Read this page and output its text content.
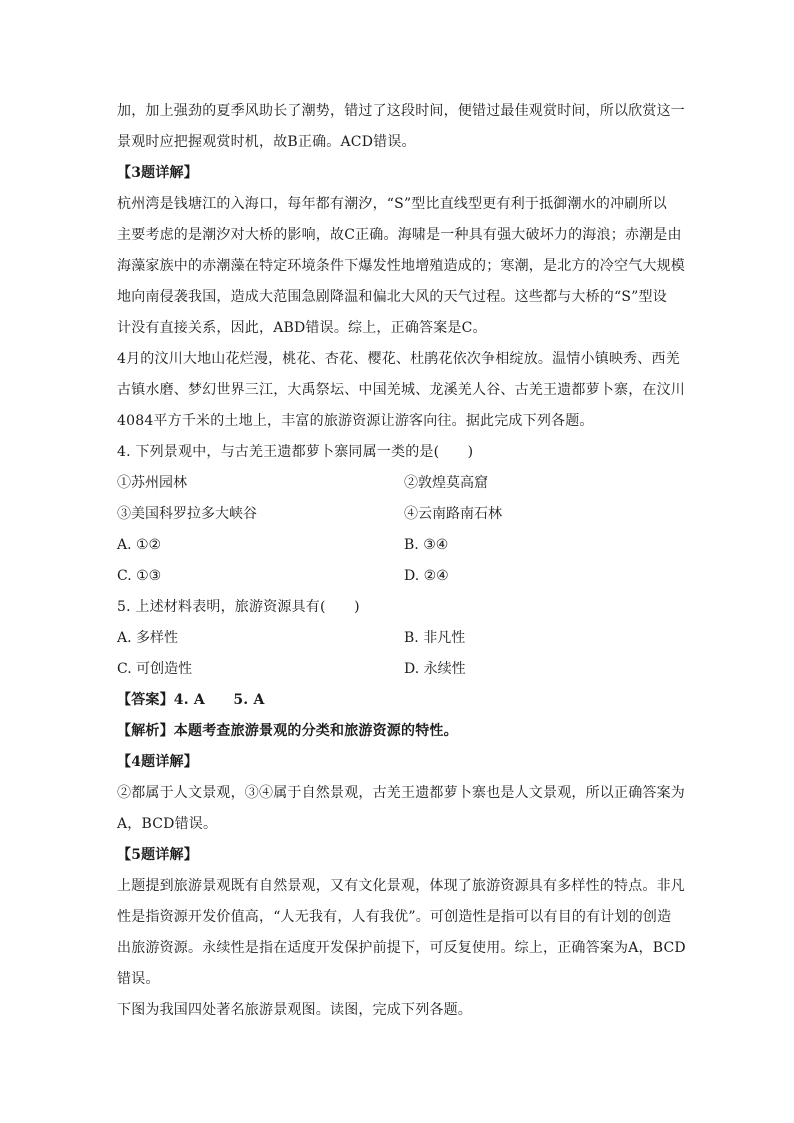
加，加上强劲的夏季风助长了潮势，错过了这段时间，便错过最佳观赏时间，所以欣赏这一
景观时应把握观赏时机，故B正确。ACD错误。
【3题详解】
杭州湾是钱塘江的入海口，每年都有潮汐，“S”型比直线型更有利于抵御潮水的冲刷所以
主要考虑的是潮汐对大桥的影响，故C正确。海啸是一种具有强大破坏力的海浪；赤潮是由
海藻家族中的赤潮藻在特定环境条件下爆发性地增殖造成的；寒潮，是北方的冷空气大规模
地向南侵袭我国，造成大范围急剧降温和偏北大风的天气过程。这些都与大桥的“S”型设
计没有直接关系，因此，ABD错误。综上，正确答案是C。
4月的汶川大地山花烂漫，桃花、杏花、樱花、杜鹃花依次争相绽放。温情小镇映秀、西羌
古镇水磨、梦幻世界三江，大禹祭坛、中国羌城、龙溪羌人谷、古羌王遗都萝卜寨，在汶川
4084平方千米的土地上，丰富的旅游资源让游客向往。据此完成下列各题。
4. 下列景观中，与古羌王遗都萝卜寨同属一类的是(　　)
①苏州园林	②敦煌莫高窟
③美国科罗拉多大峡谷	④云南路南石林
A. ①②	B. ③④
C. ①③	D. ②④
5. 上述材料表明，旅游资源具有(　　)
A. 多样性	B. 非凡性
C. 可创造性	D. 永续性
【答案】4. A　　5. A
【解析】本题考查旅游景观的分类和旅游资源的特性。
【4题详解】
②都属于人文景观，③④属于自然景观，古羌王遗都萝卜寨也是人文景观，所以正确答案为
A，BCD错误。
【5题详解】
上题提到旅游景观既有自然景观，又有文化景观，体现了旅游资源具有多样性的特点。非凡
性是指资源开发价值高，“人无我有，人有我优”。可创造性是指可以有目的有计划的创造
出旅游资源。永续性是指在适度开发保护前提下，可反复使用。综上，正确答案为A，BCD
错误。
下图为我国四处著名旅游景观图。读图，完成下列各题。
